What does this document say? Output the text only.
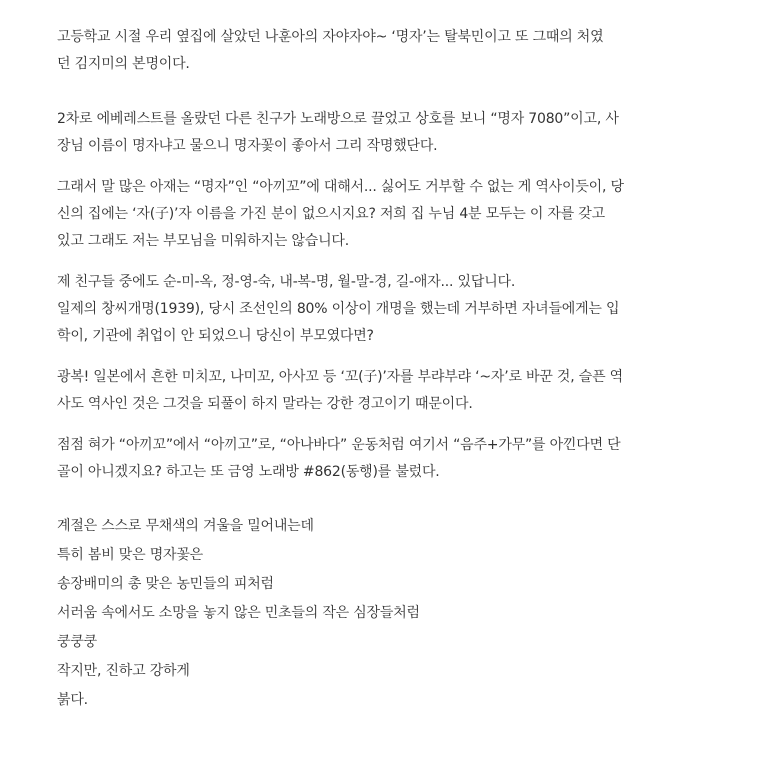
고등학교 시절 우리 옆집에 살았던 나훈아의 자야자야~ ‘명자’는 탈북민이고 또 그때의 처였
던 김지미의 본명이다.

2차로 에베레스트를 올랐던 다른 친구가 노래방으로 끌었고 상호를 보니 “명자 7080”이고, 사
장님 이름이 명자냐고 물으니 명자꽃이 좋아서 그리 작명했단다.

그래서 말 많은 아재는 “명자”인 “아끼꼬”에 대해서... 싫어도 거부할 수 없는 게 역사이듯이, 당
신의 집에는 ‘자(子)’자 이름을 가진 분이 없으시지요? 저희 집 누님 4분 모두는 이 자를 갖고
있고 그래도 저는 부모님을 미워하지는 않습니다.

제 친구들 중에도 순-미-옥, 정-영-숙, 내-복-명, 월-말-경, 길-애자... 있답니다.
일제의 창씨개명(1939), 당시 조선인의 80% 이상이 개명을 했는데 거부하면 자녀들에게는 입
학이, 기관에 취업이 안 되었으니 당신이 부모였다면?

광복! 일본에서 흔한 미치꼬, 나미꼬, 아사꼬 등 ‘꼬(子)’자를 부랴부랴 ‘~자’로 바꾼 것, 슬픈 역
사도 역사인 것은 그것을 되풀이 하지 말라는 강한 경고이기 때문이다.

점점 혀가 “아끼꼬”에서 “아끼고”로, “아나바다” 운동처럼 여기서 “음주+가무”를 아낀다면 단
골이 아니겠지요? 하고는 또 금영 노래방 #862(동행)를 불렀다.

계절은 스스로 무채색의 겨울을 밀어내는데
특히 봄비 맞은 명자꽃은
송장배미의 총 맞은 농민들의 피처럼
서러움 속에서도 소망을 놓지 않은 민초들의 작은 심장들처럼
쿵쿵쿵
작지만, 진하고 강하게
붉다.
